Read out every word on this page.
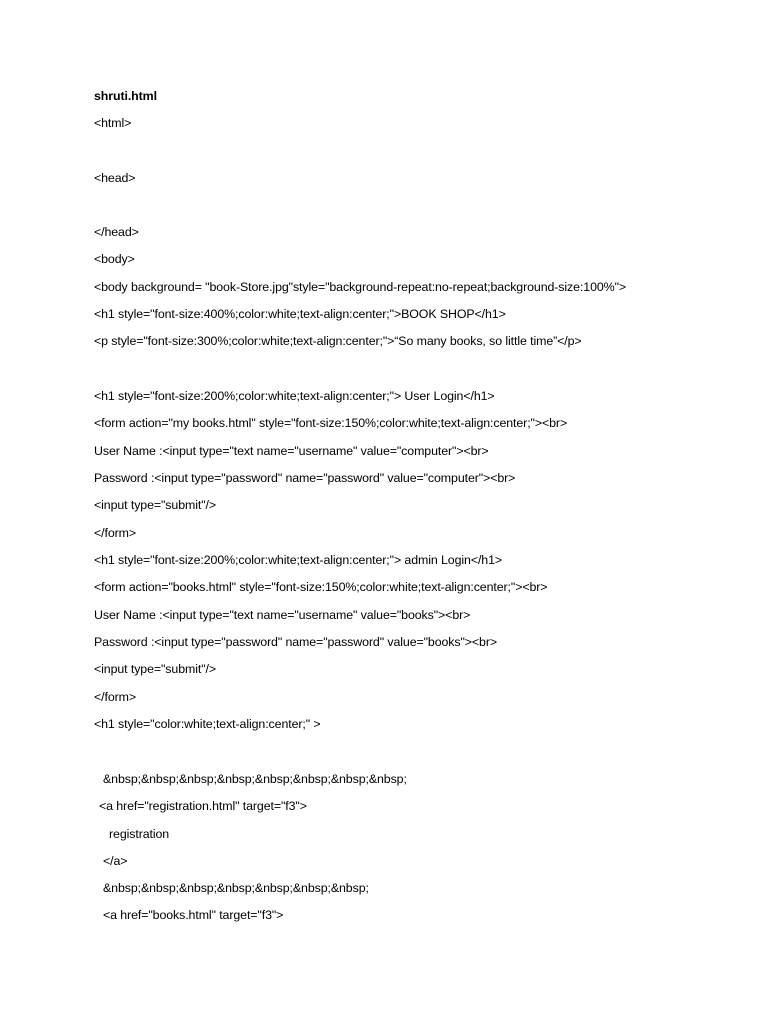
shruti.html

<html>

<head>

</head>

<body>

<body background= "book-Store.jpg"style="background-repeat:no-repeat;background-size:100%">

<h1 style="font-size:400%;color:white;text-align:center;">BOOK SHOP</h1>

<p style="font-size:300%;color:white;text-align:center;">“So many books, so little time”</p>

<h1 style="font-size:200%;color:white;text-align:center;"> User Login</h1>

<form action="my books.html" style="font-size:150%;color:white;text-align:center;"><br>

User Name :<input type="text name="username" value="computer"><br>

Password :<input type="password" name="password" value="computer"><br>

<input type="submit"/>

</form>

<h1 style="font-size:200%;color:white;text-align:center;"> admin Login</h1>

<form action="books.html" style="font-size:150%;color:white;text-align:center;"><br>

User Name :<input type="text name="username" value="books"><br>

Password :<input type="password" name="password" value="books"><br>

<input type="submit"/>

</form>

<h1 style="color:white;text-align:center;" >

&nbsp;&nbsp;&nbsp;&nbsp;&nbsp;&nbsp;&nbsp;&nbsp;

<a href="registration.html" target="f3">

registration

</a>

&nbsp;&nbsp;&nbsp;&nbsp;&nbsp;&nbsp;&nbsp;

<a href="books.html" target="f3">
